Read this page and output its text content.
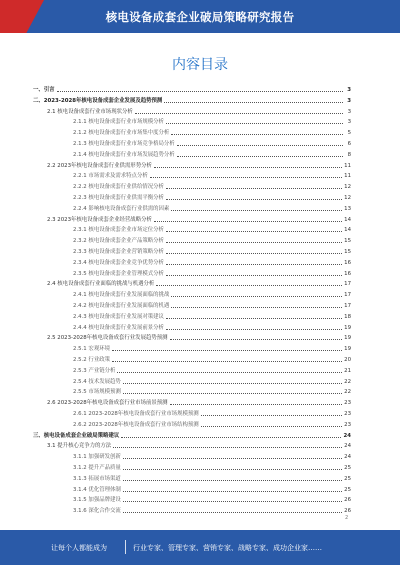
核电设备成套企业破局策略研究报告
内容目录
一、引言	3
二、2023-2028年核电设备成套企业发展及趋势预测	3
2.1 核电设备成套行业市场现状分析	3
2.1.1 核电设备成套行业市场规模分析	3
2.1.2 核电设备成套行业市场集中度分析	5
2.1.3 核电设备成套行业市场竞争格局分析	6
2.1.4 核电设备成套行业市场发展趋势分析	8
2.2 2023年核电设备成套行业供需形势分析	11
2.2.1 市场需求及需求特点分析	11
2.2.2 核电设备成套行业供给情况分析	12
2.2.3 核电设备成套行业供需平衡分析	12
2.2.4 影响核电设备成套行业供需的因素	13
2.3 2023年核电设备成套企业经营战略分析	14
2.3.1 核电设备成套企业市场定位分析	14
2.3.2 核电设备成套企业产品策略分析	15
2.3.3 核电设备成套企业营销策略分析	15
2.3.4 核电设备成套企业竞争优势分析	16
2.3.5 核电设备成套企业管理模式分析	16
2.4 核电设备成套行业面临的挑战与机遇分析	17
2.4.1 核电设备成套行业发展面临的挑战	17
2.4.2 核电设备成套行业发展面临的机遇	17
2.4.3 核电设备成套行业发展对策建议	18
2.4.4 核电设备成套行业发展前景分析	19
2.5 2023-2028年核电设备成套行业发展趋势预测	19
2.5.1 宏观环境	19
2.5.2 行业政策	20
2.5.3 产业链分析	21
2.5.4 技术发展趋势	22
2.5.5 市场规模预测	22
2.6 2023-2028年核电设备成套行业市场前景预测	23
2.6.1 2023-2028年核电设备成套行业市场规模预测	23
2.6.2 2023-2028年核电设备成套行业市场结构预测	23
三、核电设备成套企业破局策略建议	24
3.1 提升核心竞争力的方法	24
3.1.1 加强研发创新	24
3.1.2 提升产品质量	25
3.1.3 拓展市场渠道	25
3.1.4 优化管理体制	25
3.1.5 加强品牌建设	26
3.1.6 深化合作交流	26
2
让每个人都能成为	行业专家、管理专家、营销专家、战略专家、成功企业家……
